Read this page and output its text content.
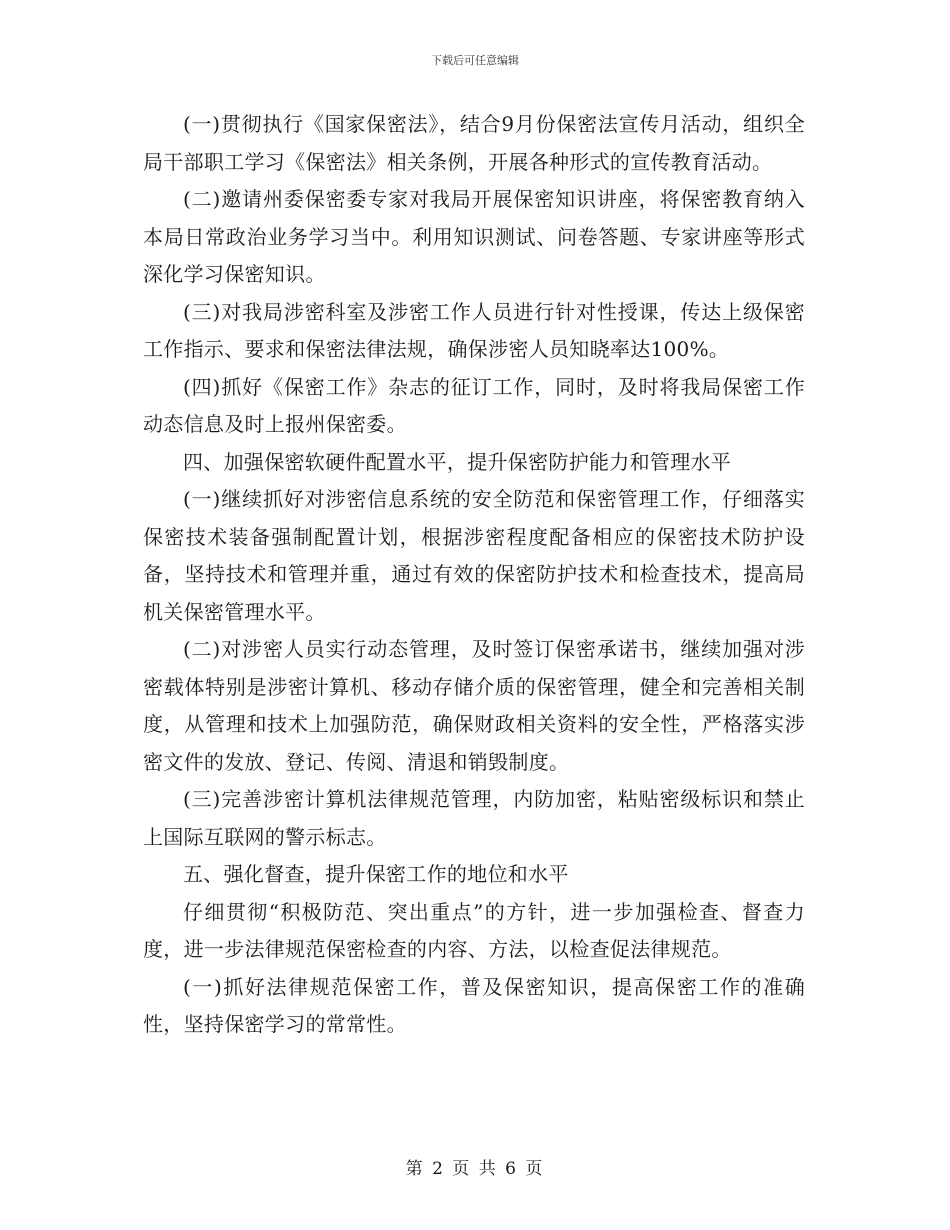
下载后可任意编辑

(一)贯彻执行《国家保密法》，结合9月份保密法宣传月活动，组织全局干部职工学习《保密法》相关条例，开展各种形式的宣传教育活动。

(二)邀请州委保密委专家对我局开展保密知识讲座，将保密教育纳入本局日常政治业务学习当中。利用知识测试、问卷答题、专家讲座等形式深化学习保密知识。

(三)对我局涉密科室及涉密工作人员进行针对性授课，传达上级保密工作指示、要求和保密法律法规，确保涉密人员知晓率达100%。

(四)抓好《保密工作》杂志的征订工作，同时，及时将我局保密工作动态信息及时上报州保密委。

四、加强保密软硬件配置水平，提升保密防护能力和管理水平

(一)继续抓好对涉密信息系统的安全防范和保密管理工作，仔细落实保密技术装备强制配置计划，根据涉密程度配备相应的保密技术防护设备，坚持技术和管理并重，通过有效的保密防护技术和检查技术，提高局机关保密管理水平。

(二)对涉密人员实行动态管理，及时签订保密承诺书，继续加强对涉密载体特别是涉密计算机、移动存储介质的保密管理，健全和完善相关制度，从管理和技术上加强防范，确保财政相关资料的安全性，严格落实涉密文件的发放、登记、传阅、清退和销毁制度。

(三)完善涉密计算机法律规范管理，内防加密，粘贴密级标识和禁止上国际互联网的警示标志。

五、强化督查，提升保密工作的地位和水平

仔细贯彻“积极防范、突出重点”的方针，进一步加强检查、督查力度，进一步法律规范保密检查的内容、方法，以检查促法律规范。

(一)抓好法律规范保密工作，普及保密知识，提高保密工作的准确性，坚持保密学习的常常性。

第 2 页 共 6 页
